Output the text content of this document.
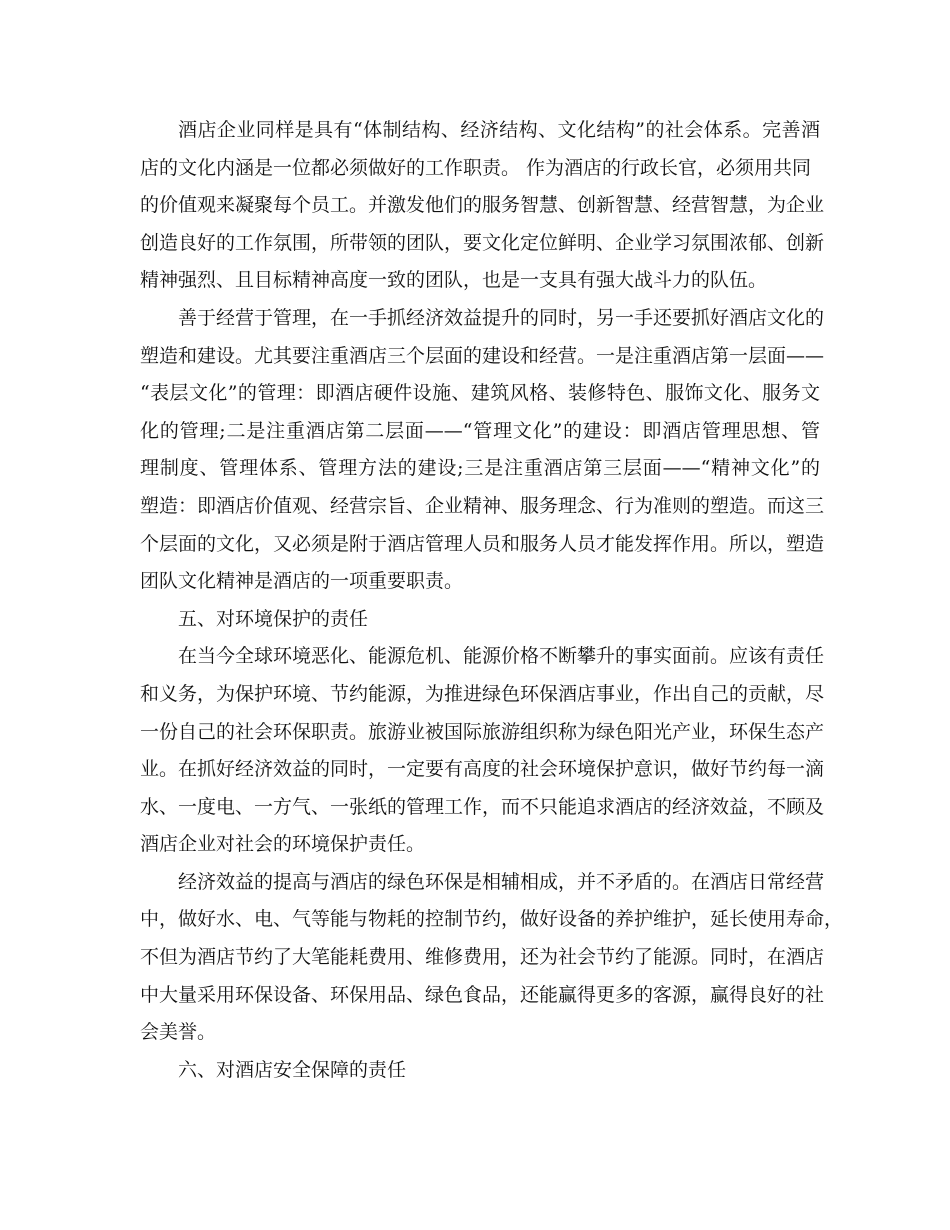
酒店企业同样是具有“体制结构、经济结构、文化结构”的社会体系。完善酒
店的文化内涵是一位都必须做好的工作职责。 作为酒店的行政长官，必须用共同
的价值观来凝聚每个员工。并激发他们的服务智慧、创新智慧、经营智慧，为企业
创造良好的工作氛围，所带领的团队，要文化定位鲜明、企业学习氛围浓郁、创新
精神强烈、且目标精神高度一致的团队，也是一支具有强大战斗力的队伍。
善于经营于管理，在一手抓经济效益提升的同时，另一手还要抓好酒店文化的
塑造和建设。尤其要注重酒店三个层面的建设和经营。一是注重酒店第一层面——
“表层文化”的管理：即酒店硬件设施、建筑风格、装修特色、服饰文化、服务文
化的管理;二是注重酒店第二层面——“管理文化”的建设：即酒店管理思想、管
理制度、管理体系、管理方法的建设;三是注重酒店第三层面——“精神文化”的
塑造：即酒店价值观、经营宗旨、企业精神、服务理念、行为准则的塑造。而这三
个层面的文化，又必须是附于酒店管理人员和服务人员才能发挥作用。所以，塑造
团队文化精神是酒店的一项重要职责。
五、对环境保护的责任
在当今全球环境恶化、能源危机、能源价格不断攀升的事实面前。应该有责任
和义务，为保护环境、节约能源，为推进绿色环保酒店事业，作出自己的贡献，尽
一份自己的社会环保职责。旅游业被国际旅游组织称为绿色阳光产业，环保生态产
业。在抓好经济效益的同时，一定要有高度的社会环境保护意识，做好节约每一滴
水、一度电、一方气、一张纸的管理工作，而不只能追求酒店的经济效益，不顾及
酒店企业对社会的环境保护责任。
经济效益的提高与酒店的绿色环保是相辅相成，并不矛盾的。在酒店日常经营
中，做好水、电、气等能与物耗的控制节约，做好设备的养护维护，延长使用寿命，
不但为酒店节约了大笔能耗费用、维修费用，还为社会节约了能源。同时，在酒店
中大量采用环保设备、环保用品、绿色食品，还能赢得更多的客源，赢得良好的社
会美誉。
六、对酒店安全保障的责任
